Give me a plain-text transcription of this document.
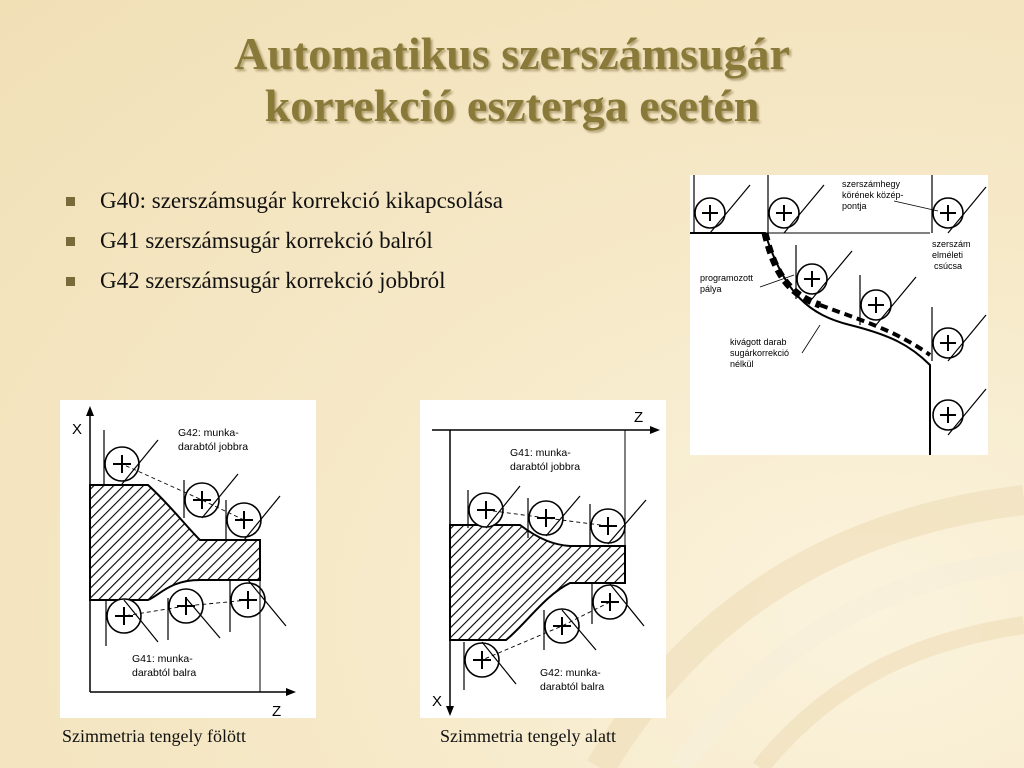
Automatikus szerszámsugár
korrekció eszterga esetén
G40: szerszámsugár korrekció kikapcsolása
G41 szerszámsugár korrekció balról
G42 szerszámsugár korrekció jobbról
szerszámhegy
körének közép-
pontja
szerszám
elméleti
csúcsa
programozott
pálya
kivágott darab
sugárkorrekció
nélkül
X
Z
G42: munka-
darabtól jobbra
G41: munka-
darabtól balra
Szimmetria tengely fölött
Z
X
G41: munka-
darabtól jobbra
G42: munka-
darabtól balra
Szimmetria tengely alatt
